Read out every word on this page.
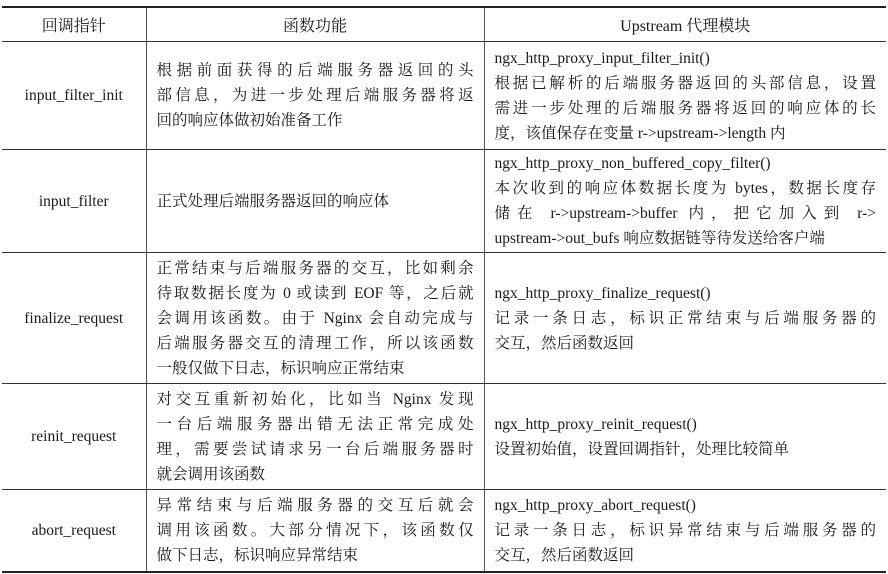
回调指针	函数功能	Upstream 代理模块
input_filter_init	根据前面获得的后端服务器返回的头
部信息，为进一步处理后端服务器将返
回的响应体做初始准备工作	ngx_http_proxy_input_filter_init()
根据已解析的后端服务器返回的头部信息，设置
需进一步处理的后端服务器将返回的响应体的长
度，该值保存在变量 r->upstream->length 内

input_filter	正式处理后端服务器返回的响应体	ngx_http_proxy_non_buffered_copy_filter()
本次收到的响应体数据长度为 bytes，数据长度存
储在 r->upstream->buffer 内，把它加入到 r->
upstream->out_bufs 响应数据链等待发送给客户端

finalize_request	正常结束与后端服务器的交互，比如剩余
待取数据长度为 0 或读到 EOF 等，之后就
会调用该函数。由于 Nginx 会自动完成与
后端服务器交互的清理工作，所以该函数
一般仅做下日志，标识响应正常结束	ngx_http_proxy_finalize_request()
记录一条日志，标识正常结束与后端服务器的
交互，然后函数返回

reinit_request	对交互重新初始化，比如当 Nginx 发现
一台后端服务器出错无法正常完成处
理，需要尝试请求另一台后端服务器时
就会调用该函数	ngx_http_proxy_reinit_request()
设置初始值，设置回调指针，处理比较简单

abort_request	异常结束与后端服务器的交互后就会
调用该函数。大部分情况下，该函数仅
做下日志，标识响应异常结束	ngx_http_proxy_abort_request()
记录一条日志，标识异常结束与后端服务器的
交互，然后函数返回
